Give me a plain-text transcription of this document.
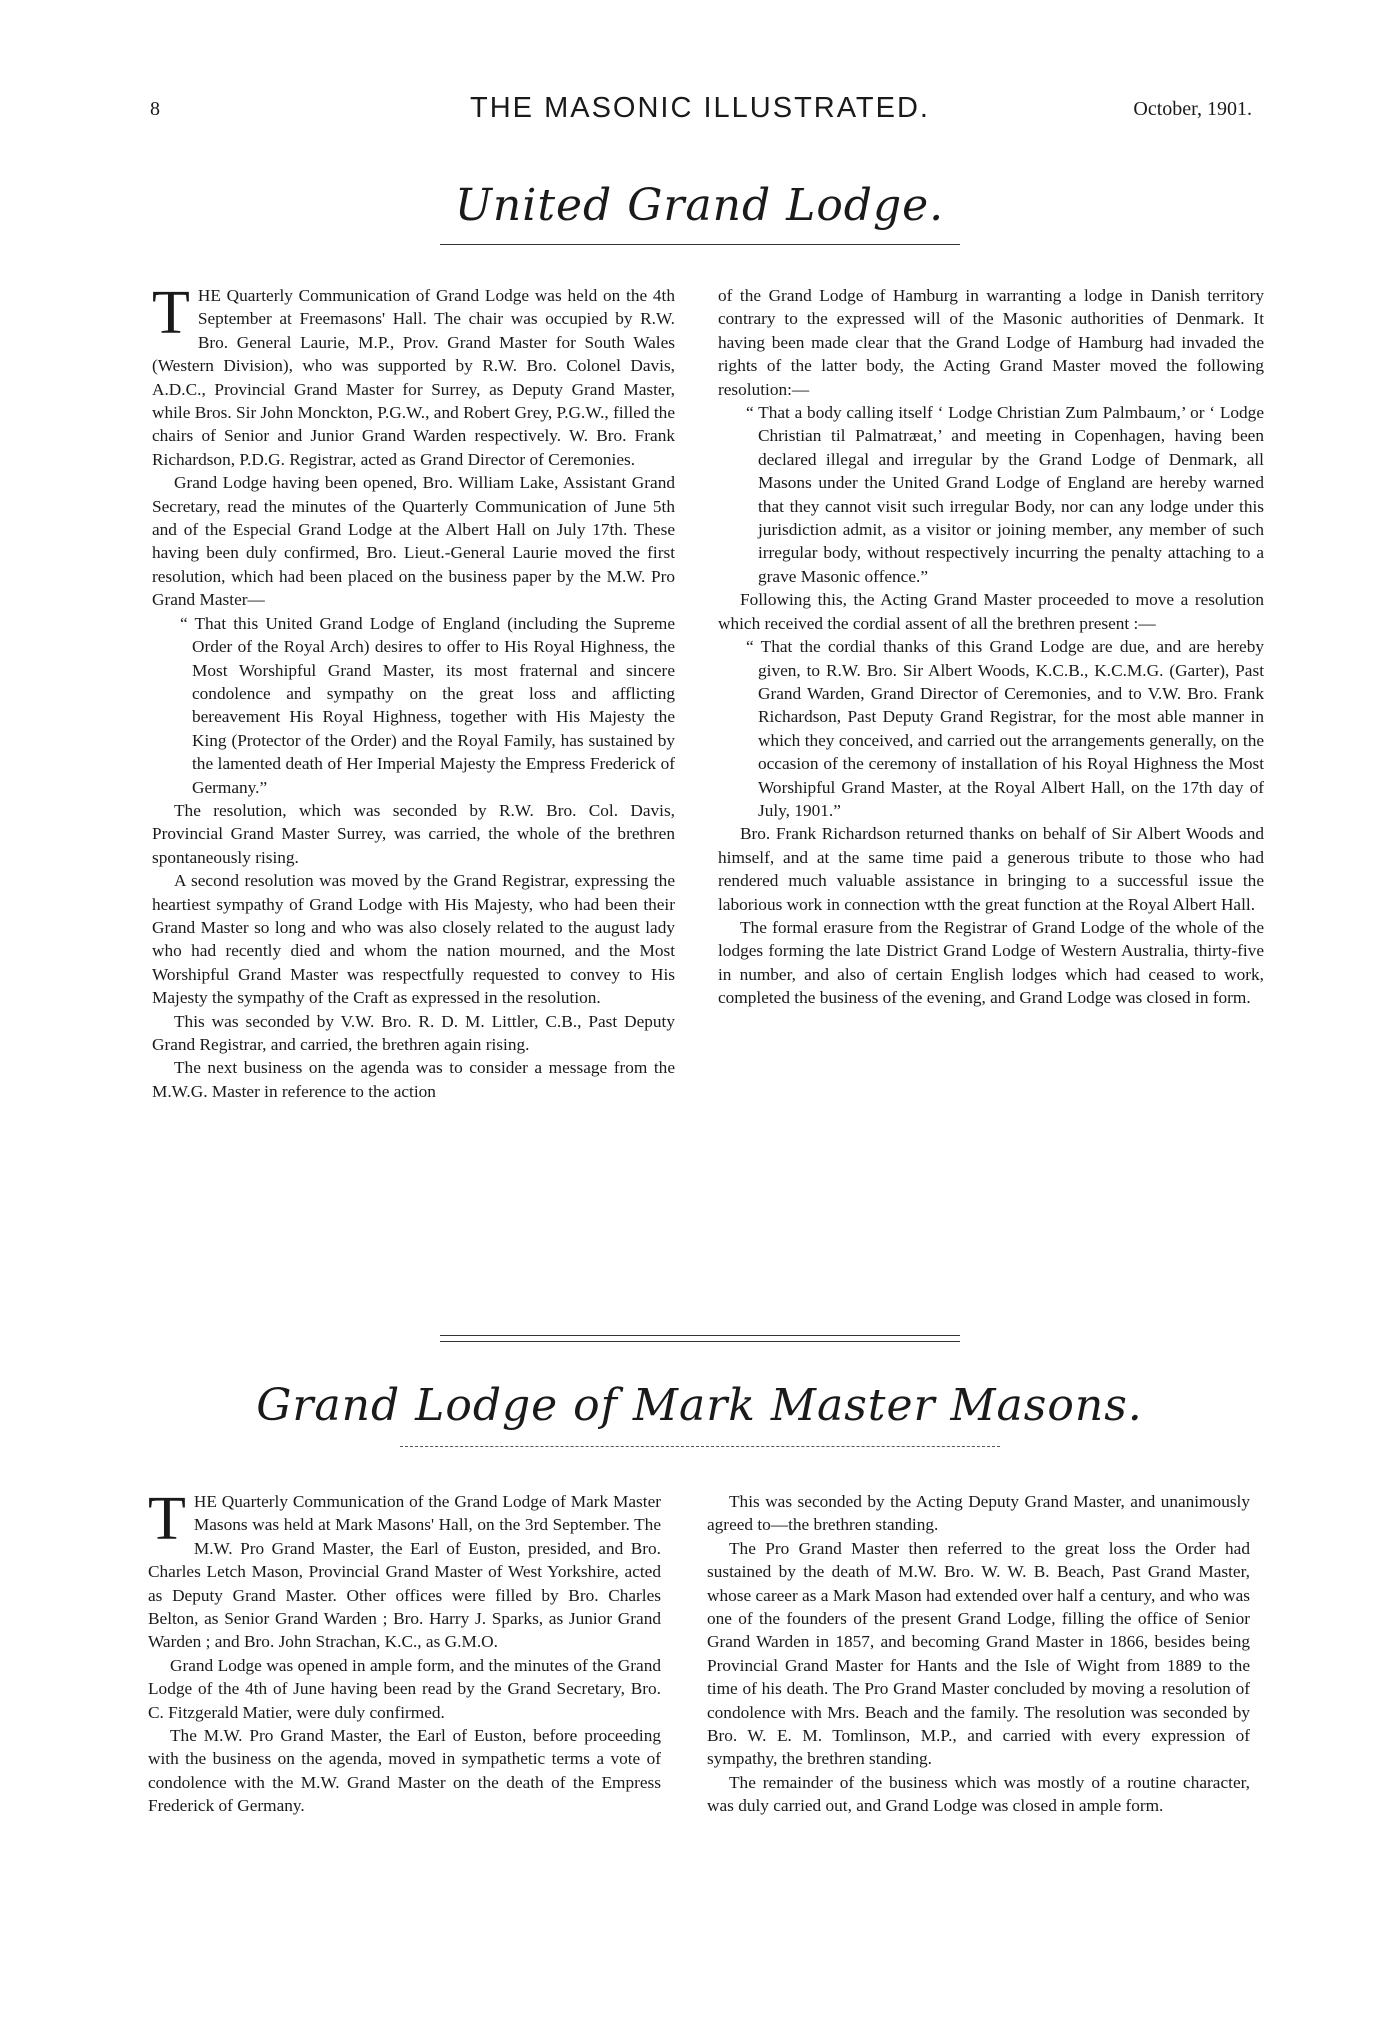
8	THE MASONIC ILLUSTRATED.	October, 1901.
United Grand Lodge.

THE Quarterly Communication of Grand Lodge was held on the 4th September at Freemasons' Hall. The chair was occupied by R.W. Bro. General Laurie, M.P., Prov. Grand Master for South Wales (Western Division), who was supported by R.W. Bro. Colonel Davis, A.D.C., Provincial Grand Master for Surrey, as Deputy Grand Master, while Bros. Sir John Monckton, P.G.W., and Robert Grey, P.G.W., filled the chairs of Senior and Junior Grand Warden respectively. W. Bro. Frank Richardson, P.D.G. Registrar, acted as Grand Director of Ceremonies.

Grand Lodge having been opened, Bro. William Lake, Assistant Grand Secretary, read the minutes of the Quarterly Communication of June 5th and of the Especial Grand Lodge at the Albert Hall on July 17th. These having been duly confirmed, Bro. Lieut.-General Laurie moved the first resolution, which had been placed on the business paper by the M.W. Pro Grand Master—

“ That this United Grand Lodge of England (including the Supreme Order of the Royal Arch) desires to offer to His Royal Highness, the Most Worshipful Grand Master, its most fraternal and sincere condolence and sympathy on the great loss and afflicting bereavement His Royal Highness, together with His Majesty the King (Protector of the Order) and the Royal Family, has sustained by the lamented death of Her Imperial Majesty the Empress Frederick of Germany.”

The resolution, which was seconded by R.W. Bro. Col. Davis, Provincial Grand Master Surrey, was carried, the whole of the brethren spontaneously rising.

A second resolution was moved by the Grand Registrar, expressing the heartiest sympathy of Grand Lodge with His Majesty, who had been their Grand Master so long and who was also closely related to the august lady who had recently died and whom the nation mourned, and the Most Worshipful Grand Master was respectfully requested to convey to His Majesty the sympathy of the Craft as expressed in the resolution.

This was seconded by V.W. Bro. R. D. M. Littler, C.B., Past Deputy Grand Registrar, and carried, the brethren again rising.

The next business on the agenda was to consider a message from the M.W.G. Master in reference to the action

of the Grand Lodge of Hamburg in warranting a lodge in Danish territory contrary to the expressed will of the Masonic authorities of Denmark. It having been made clear that the Grand Lodge of Hamburg had invaded the rights of the latter body, the Acting Grand Master moved the following resolution:—

“ That a body calling itself ‘ Lodge Christian Zum Palmbaum,’ or ‘ Lodge Christian til Palmatræat,’ and meeting in Copenhagen, having been declared illegal and irregular by the Grand Lodge of Denmark, all Masons under the United Grand Lodge of England are hereby warned that they cannot visit such irregular Body, nor can any lodge under this jurisdiction admit, as a visitor or joining member, any member of such irregular body, without respectively incurring the penalty attaching to a grave Masonic offence.”

Following this, the Acting Grand Master proceeded to move a resolution which received the cordial assent of all the brethren present :—

“ That the cordial thanks of this Grand Lodge are due, and are hereby given, to R.W. Bro. Sir Albert Woods, K.C.B., K.C.M.G. (Garter), Past Grand Warden, Grand Director of Ceremonies, and to V.W. Bro. Frank Richardson, Past Deputy Grand Registrar, for the most able manner in which they conceived, and carried out the arrangements generally, on the occasion of the ceremony of installation of his Royal Highness the Most Worshipful Grand Master, at the Royal Albert Hall, on the 17th day of July, 1901.”

Bro. Frank Richardson returned thanks on behalf of Sir Albert Woods and himself, and at the same time paid a generous tribute to those who had rendered much valuable assistance in bringing to a successful issue the laborious work in connection wtth the great function at the Royal Albert Hall.

The formal erasure from the Registrar of Grand Lodge of the whole of the lodges forming the late District Grand Lodge of Western Australia, thirty-five in number, and also of certain English lodges which had ceased to work, completed the business of the evening, and Grand Lodge was closed in form.

Grand Lodge of Mark Master Masons.

THE Quarterly Communication of the Grand Lodge of Mark Master Masons was held at Mark Masons' Hall, on the 3rd September. The M.W. Pro Grand Master, the Earl of Euston, presided, and Bro. Charles Letch Mason, Provincial Grand Master of West Yorkshire, acted as Deputy Grand Master. Other offices were filled by Bro. Charles Belton, as Senior Grand Warden ; Bro. Harry J. Sparks, as Junior Grand Warden ; and Bro. John Strachan, K.C., as G.M.O.

Grand Lodge was opened in ample form, and the minutes of the Grand Lodge of the 4th of June having been read by the Grand Secretary, Bro. C. Fitzgerald Matier, were duly confirmed.

The M.W. Pro Grand Master, the Earl of Euston, before proceeding with the business on the agenda, moved in sympathetic terms a vote of condolence with the M.W. Grand Master on the death of the Empress Frederick of Germany.

This was seconded by the Acting Deputy Grand Master, and unanimously agreed to—the brethren standing.

The Pro Grand Master then referred to the great loss the Order had sustained by the death of M.W. Bro. W. W. B. Beach, Past Grand Master, whose career as a Mark Mason had extended over half a century, and who was one of the founders of the present Grand Lodge, filling the office of Senior Grand Warden in 1857, and becoming Grand Master in 1866, besides being Provincial Grand Master for Hants and the Isle of Wight from 1889 to the time of his death. The Pro Grand Master concluded by moving a resolution of condolence with Mrs. Beach and the family. The resolution was seconded by Bro. W. E. M. Tomlinson, M.P., and carried with every expression of sympathy, the brethren standing.

The remainder of the business which was mostly of a routine character, was duly carried out, and Grand Lodge was closed in ample form.
